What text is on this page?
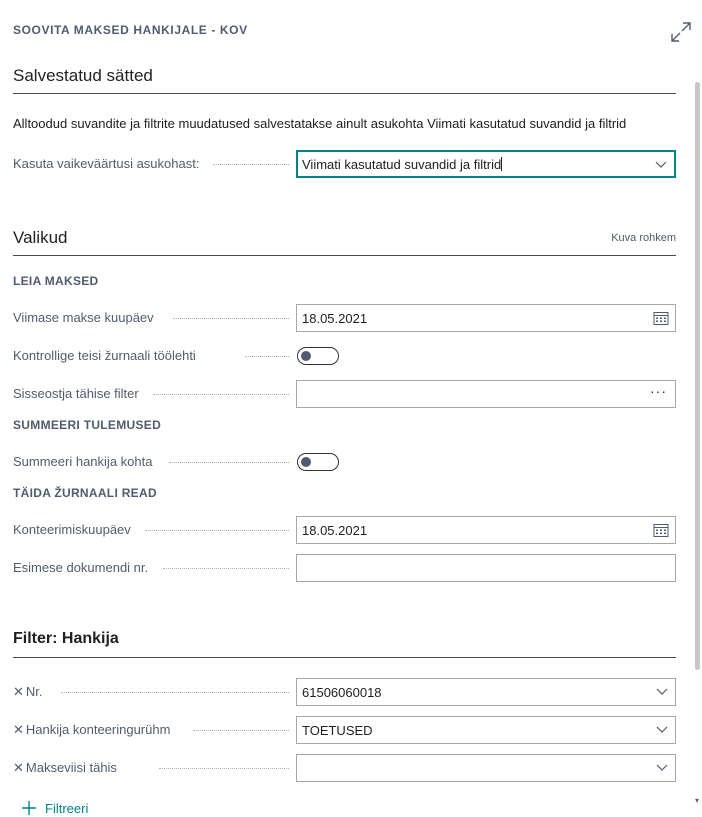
SOOVITA MAKSED HANKIJALE - KOV
Salvestatud sätted
Alltoodud suvandite ja filtrite muudatused salvestatakse ainult asukohta Viimati kasutatud suvandid ja filtrid
Kasuta vaikeväärtusi asukohast:	Viimati kasutatud suvandid ja filtrid
Valikud	Kuva rohkem
LEIA MAKSED
Viimase makse kuupäev	18.05.2021
Kontrollige teisi žurnaali töölehti
Sisseostja tähise filter	···
SUMMEERI TULEMUSED
Summeeri hankija kohta
TÄIDA ŽURNAALI READ
Konteerimiskuupäev	18.05.2021
Esimese dokumendi nr.
Filter: Hankija
✕ Nr.	61506060018
✕ Hankija konteeringurühm	TOETUSED
✕ Makseviisi tähis
Filtreeri
▾
